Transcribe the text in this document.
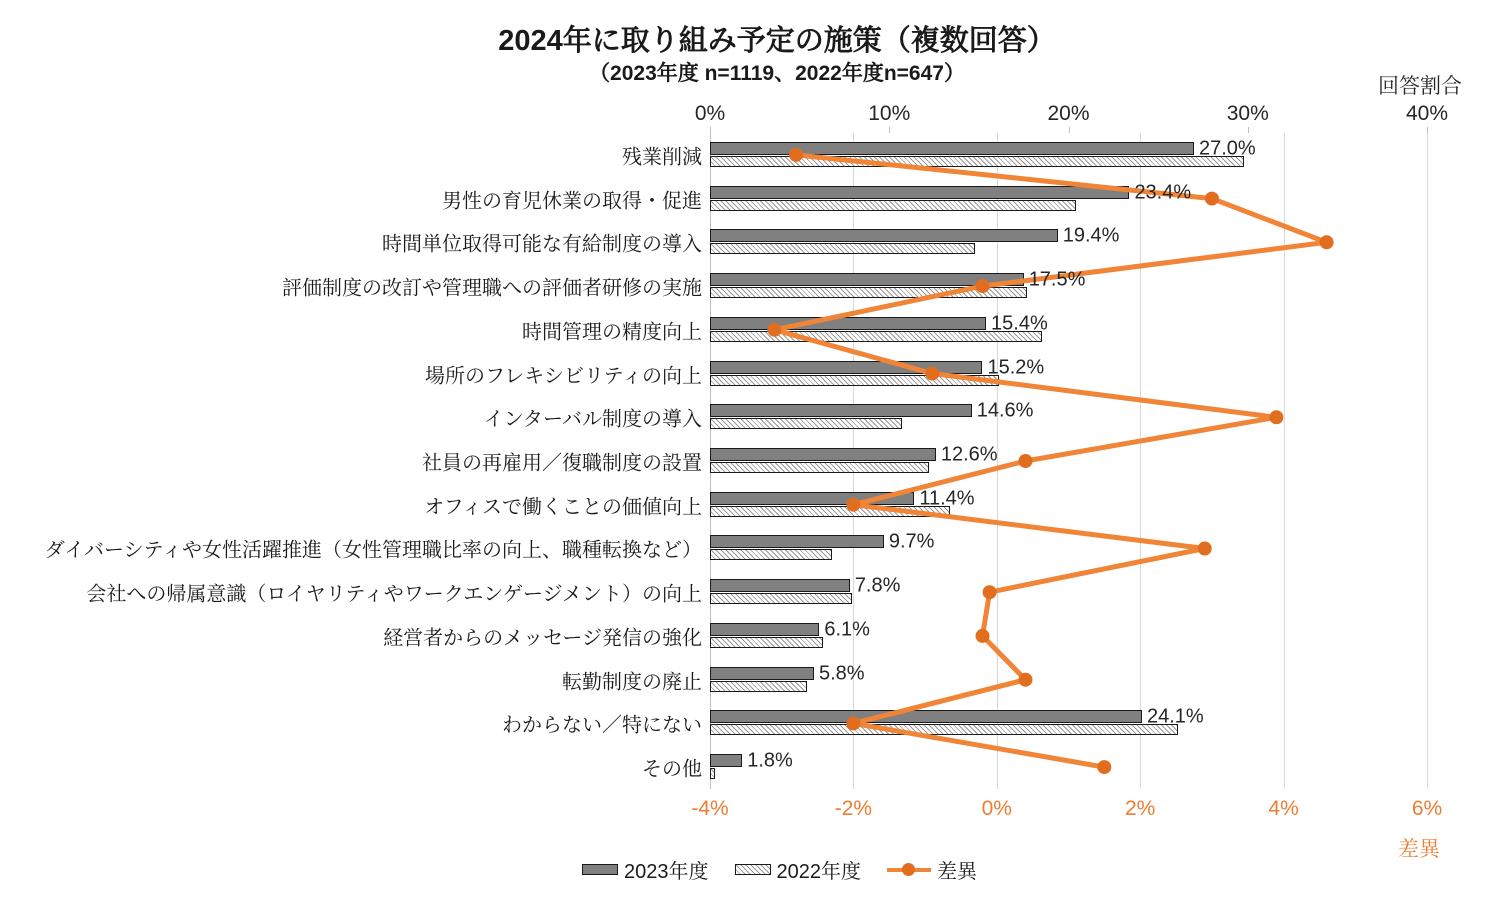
2024年に取り組み予定の施策（複数回答）
（2023年度 n=1119、2022年度n=647）
回答割合
差異
2023年度	2022年度	差異
0%	10%	20%	30%	40%
-4%	-2%	0%	2%	4%	6%
残業削減
男性の育児休業の取得・促進
時間単位取得可能な有給制度の導入
評価制度の改訂や管理職への評価者研修の実施
時間管理の精度向上
場所のフレキシビリティの向上
インターバル制度の導入
社員の再雇用／復職制度の設置
オフィスで働くことの価値向上
ダイバーシティや女性活躍推進（女性管理職比率の向上、職種転換など）
会社への帰属意識（ロイヤリティやワークエンゲージメント）の向上
経営者からのメッセージ発信の強化
転勤制度の廃止
わからない／特にない
その他
27.0%
23.4%
19.4%
17.5%
15.4%
15.2%
14.6%
12.6%
11.4%
9.7%
7.8%
6.1%
5.8%
24.1%
1.8%
